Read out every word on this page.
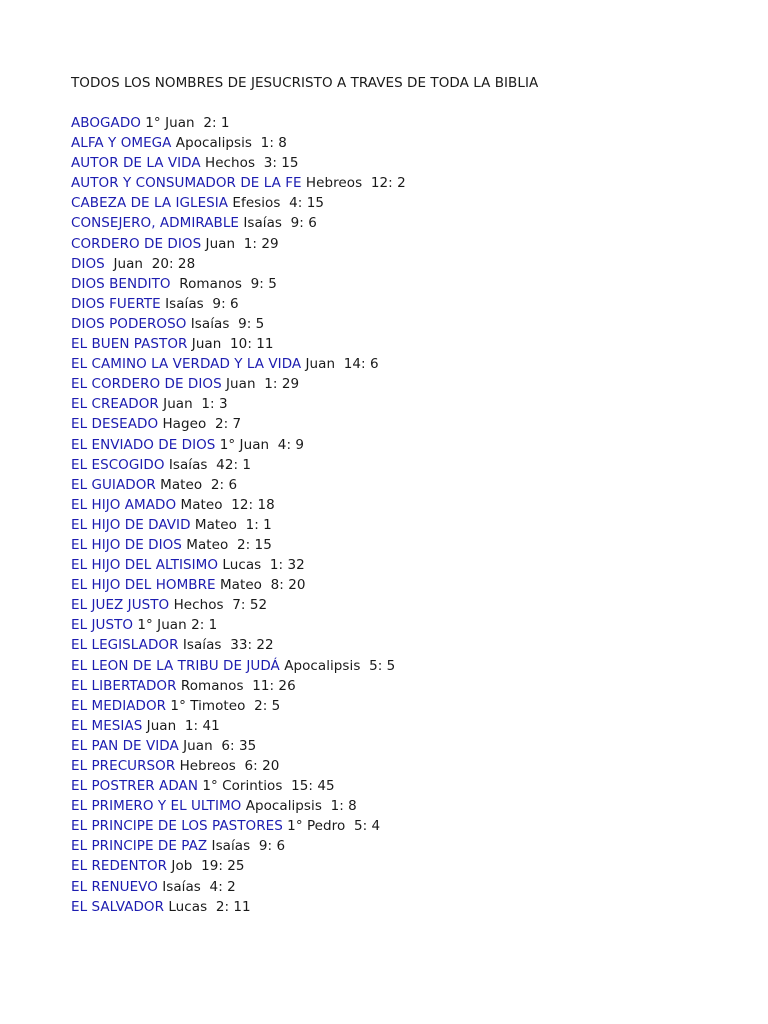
TODOS LOS NOMBRES DE JESUCRISTO A TRAVES DE TODA LA BIBLIA
ABOGADO 1° Juan  2: 1
ALFA Y OMEGA Apocalipsis  1: 8
AUTOR DE LA VIDA Hechos  3: 15
AUTOR Y CONSUMADOR DE LA FE Hebreos  12: 2
CABEZA DE LA IGLESIA Efesios  4: 15
CONSEJERO, ADMIRABLE Isaías  9: 6
CORDERO DE DIOS Juan  1: 29
DIOS  Juan  20: 28
DIOS BENDITO  Romanos  9: 5
DIOS FUERTE Isaías  9: 6
DIOS PODEROSO Isaías  9: 5
EL BUEN PASTOR Juan  10: 11
EL CAMINO LA VERDAD Y LA VIDA Juan  14: 6
EL CORDERO DE DIOS Juan  1: 29
EL CREADOR Juan  1: 3
EL DESEADO Hageo  2: 7
EL ENVIADO DE DIOS 1° Juan  4: 9
EL ESCOGIDO Isaías  42: 1
EL GUIADOR Mateo  2: 6
EL HIJO AMADO Mateo  12: 18
EL HIJO DE DAVID Mateo  1: 1
EL HIJO DE DIOS Mateo  2: 15
EL HIJO DEL ALTISIMO Lucas  1: 32
EL HIJO DEL HOMBRE Mateo  8: 20
EL JUEZ JUSTO Hechos  7: 52
EL JUSTO 1° Juan 2: 1
EL LEGISLADOR Isaías  33: 22
EL LEON DE LA TRIBU DE JUDÁ Apocalipsis  5: 5
EL LIBERTADOR Romanos  11: 26
EL MEDIADOR 1° Timoteo  2: 5
EL MESIAS Juan  1: 41
EL PAN DE VIDA Juan  6: 35
EL PRECURSOR Hebreos  6: 20
EL POSTRER ADAN 1° Corintios  15: 45
EL PRIMERO Y EL ULTIMO Apocalipsis  1: 8
EL PRINCIPE DE LOS PASTORES 1° Pedro  5: 4
EL PRINCIPE DE PAZ Isaías  9: 6
EL REDENTOR Job  19: 25
EL RENUEVO Isaías  4: 2
EL SALVADOR Lucas  2: 11
